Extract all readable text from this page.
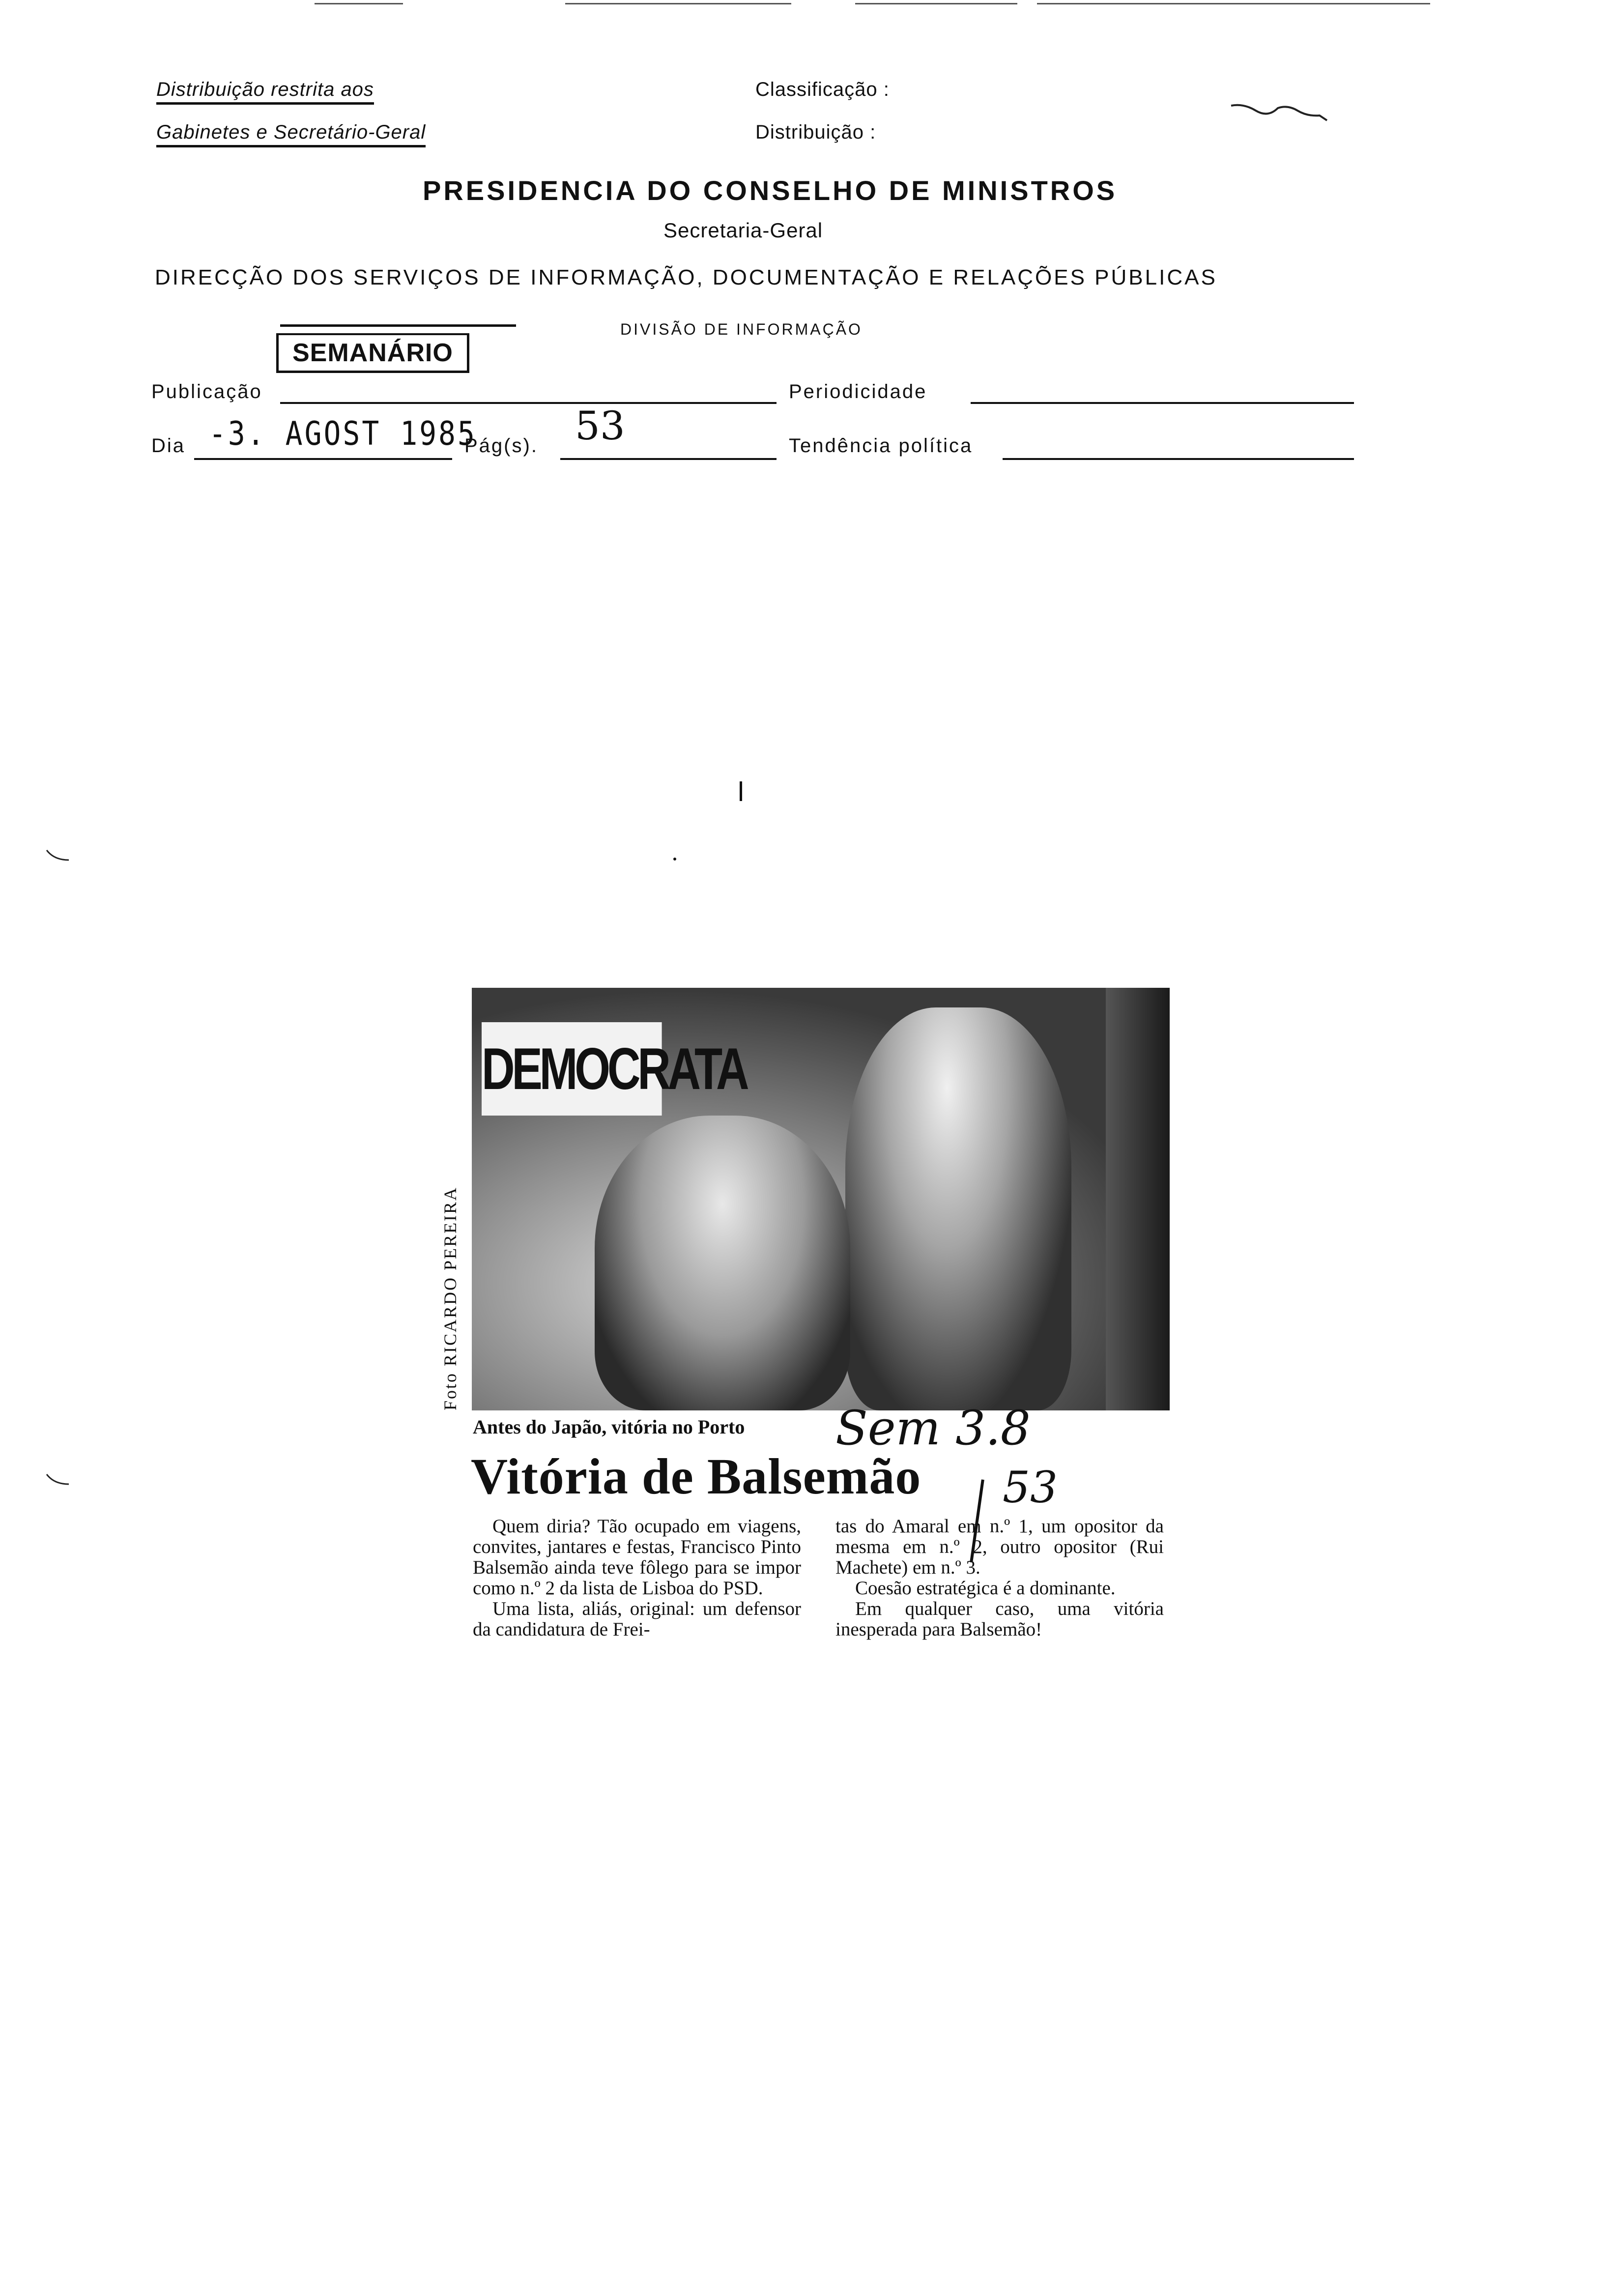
Distribuição restrita aos
Gabinetes e Secretário-Geral
Classificação :
Distribuição :
PRESIDENCIA DO CONSELHO DE MINISTROS
Secretaria-Geral
DIRECÇÃO DOS SERVIÇOS DE INFORMAÇÃO, DOCUMENTAÇÃO E RELAÇÕES PÚBLICAS
DIVISÃO DE INFORMAÇÃO
SEMANÁRIO
Publicação	Periodicidade
Dia -3. AGOST 1985
Pág(s). 53	Tendência política
DEMOCRATA
Foto RICARDO PEREIRA
Antes do Japão, vitória no Porto Sem 3.8
53
Vitória de Balsemão

Quem diria? Tão ocupado em viagens, convites, jantares e festas, Francisco Pinto Balsemão ainda teve fôlego para se impor como n.º 2 da lista de Lisboa do PSD.

Uma lista, aliás, original: um defensor da candidatura de Frei-

tas do Amaral em n.º 1, um opositor da mesma em n.º 2, outro opositor (Rui Machete) em n.º 3.

Coesão estratégica é a dominante.

Em qualquer caso, uma vitória inesperada para Balsemão!
